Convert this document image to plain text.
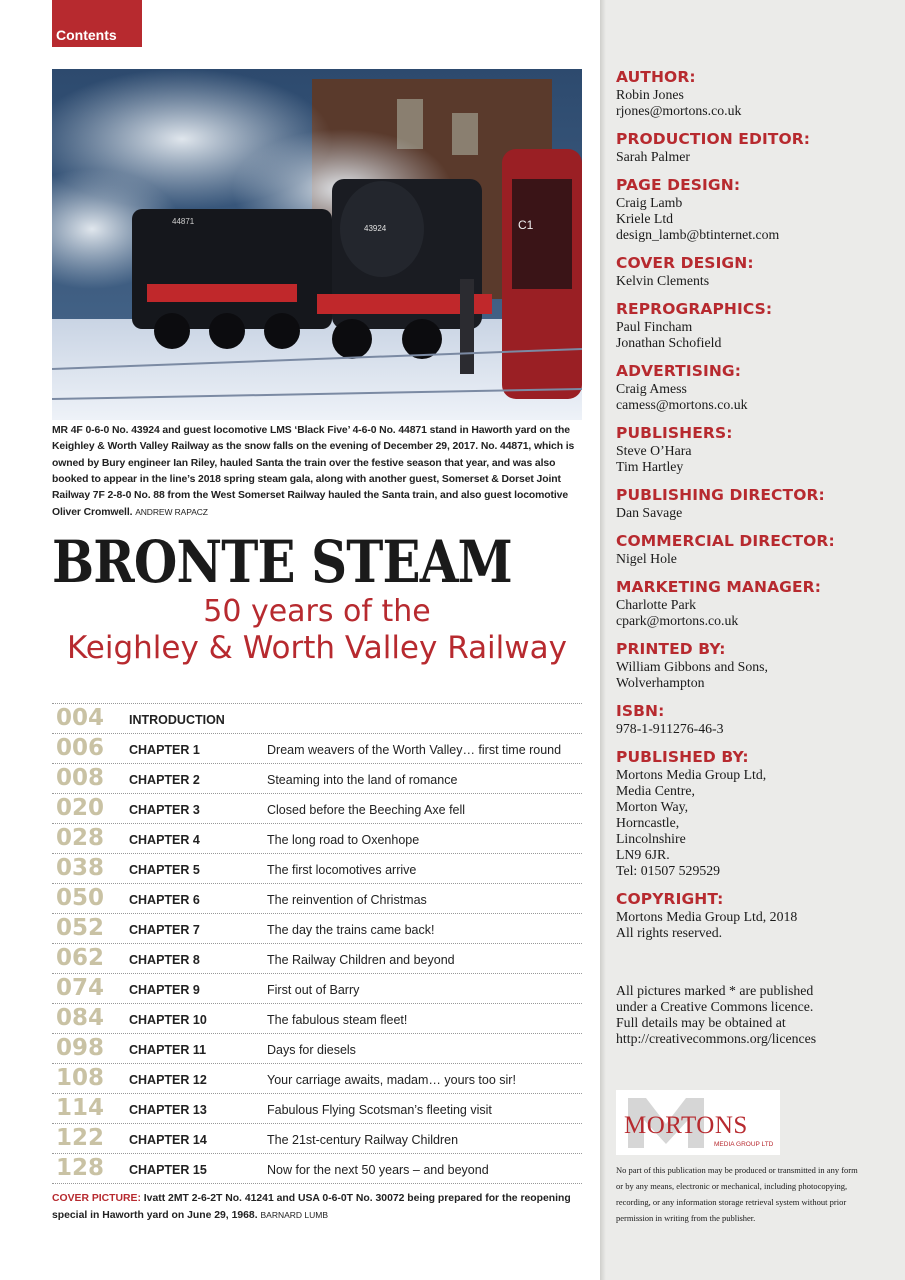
Contents
44871
43924	C1
MR 4F 0-6-0 No. 43924 and guest locomotive LMS ‘Black Five’ 4-6-0 No. 44871 stand in Haworth yard on the Keighley & Worth Valley Railway as the snow falls on the evening of December 29, 2017. No. 44871, which is owned by Bury engineer Ian Riley, hauled Santa the train over the festive season that year, and was also booked to appear in the line’s 2018 spring steam gala, along with another guest, Somerset & Dorset Joint Railway 7F 2-8-0 No. 88 from the West Somerset Railway hauled the Santa train, and also guest locomotive Oliver Cromwell. ANDREW RAPACZ
BRONTE STEAM
50 years of the
Keighley & Worth Valley Railway
004	INTRODUCTION
006	CHAPTER 1	Dream weavers of the Worth Valley… first time round
008	CHAPTER 2	Steaming into the land of romance
020	CHAPTER 3	Closed before the Beeching Axe fell
028	CHAPTER 4	The long road to Oxenhope
038	CHAPTER 5	The first locomotives arrive
050	CHAPTER 6	The reinvention of Christmas
052	CHAPTER 7	The day the trains came back!
062	CHAPTER 8	The Railway Children and beyond
074	CHAPTER 9	First out of Barry
084	CHAPTER 10	The fabulous steam fleet!
098	CHAPTER 11	Days for diesels
108	CHAPTER 12	Your carriage awaits, madam… yours too sir!
114	CHAPTER 13	Fabulous Flying Scotsman’s fleeting visit
122	CHAPTER 14	The 21st-century Railway Children
128	CHAPTER 15	Now for the next 50 years – and beyond
COVER PICTURE: Ivatt 2MT 2-6-2T No. 41241 and USA 0-6-0T No. 30072 being prepared for the reopening special in Haworth yard on June 29, 1968. BARNARD LUMB
AUTHOR:
Robin Jones
rjones@mortons.co.uk
PRODUCTION EDITOR:
Sarah Palmer
PAGE DESIGN:
Craig Lamb
Kriele Ltd
design_lamb@btinternet.com
COVER DESIGN:
Kelvin Clements
REPROGRAPHICS:
Paul Fincham
Jonathan Schofield
ADVERTISING:
Craig Amess
camess@mortons.co.uk
PUBLISHERS:
Steve O’Hara
Tim Hartley
PUBLISHING DIRECTOR:
Dan Savage
COMMERCIAL DIRECTOR:
Nigel Hole
MARKETING MANAGER:
Charlotte Park
cpark@mortons.co.uk
PRINTED BY:
William Gibbons and Sons,
Wolverhampton
ISBN:
978-1-911276-46-3
PUBLISHED BY:
Mortons Media Group Ltd,
Media Centre,
Morton Way,
Horncastle,
Lincolnshire
LN9 6JR.
Tel: 01507 529529
COPYRIGHT:
Mortons Media Group Ltd, 2018
All rights reserved.
All pictures marked * are published
under a Creative Commons licence.
Full details may be obtained at
http://creativecommons.org/licences
MORTONS
MEDIA GROUP LTD
No part of this publication may be produced or transmitted in any form or by any means, electronic or mechanical, including photocopying, recording, or any information storage retrieval system without prior permission in writing from the publisher.
